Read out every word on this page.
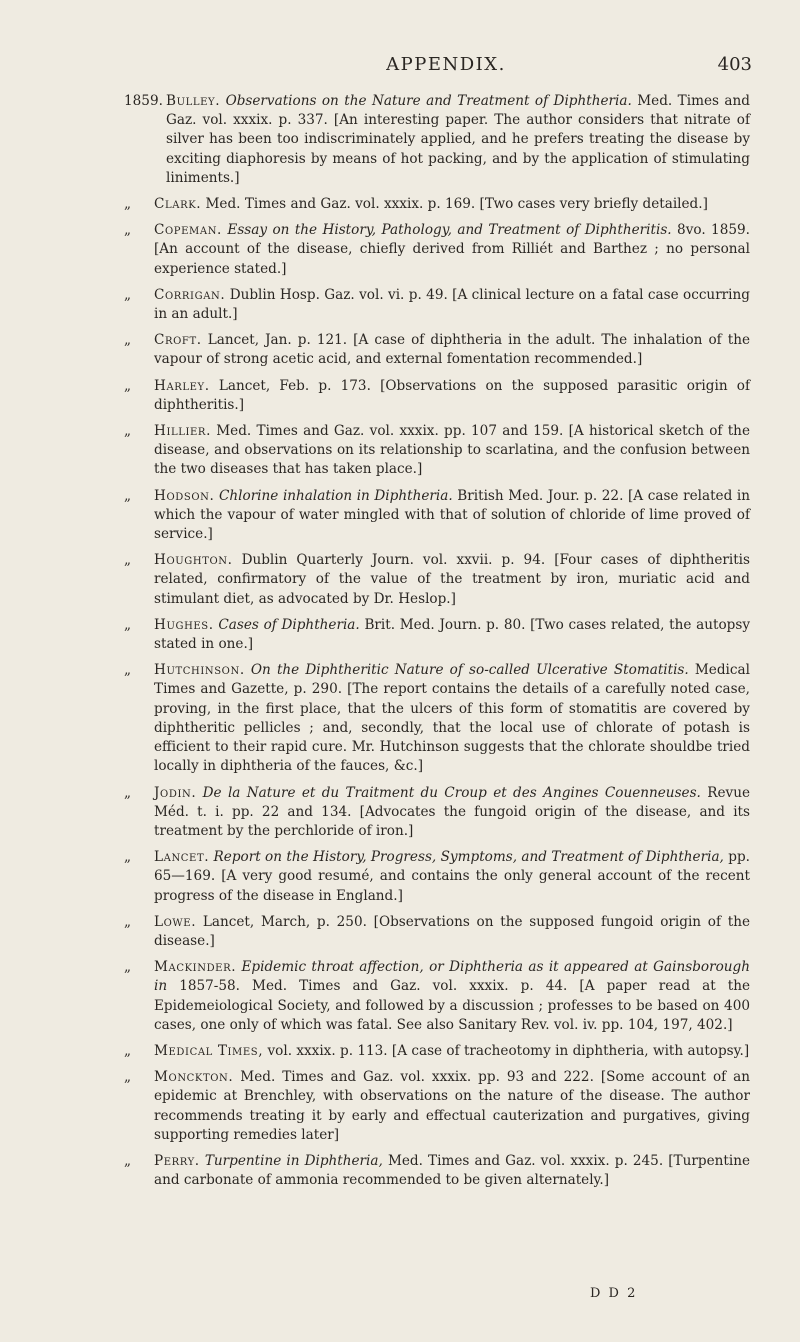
APPENDIX.	403
1859. Bulley. Observations on the Nature and Treatment of Diphtheria. Med. Times and Gaz. vol. xxxix. p. 337. [An interesting paper. The author considers that nitrate of silver has been too indiscriminately applied, and he prefers treating the disease by exciting diaphoresis by means of hot packing, and by the application of stimulating liniments.]
„	Clark. Med. Times and Gaz. vol. xxxix. p. 169. [Two cases very briefly detailed.]
„	Copeman. Essay on the History, Pathology, and Treatment of Diphtheritis. 8vo. 1859. [An account of the disease, chiefly derived from Rilliét and Barthez ; no personal experience stated.]
„	Corrigan. Dublin Hosp. Gaz. vol. vi. p. 49. [A clinical lecture on a fatal case occurring in an adult.]
„	Croft. Lancet, Jan. p. 121. [A case of diphtheria in the adult. The inhalation of the vapour of strong acetic acid, and external fomentation recommended.]
„	Harley. Lancet, Feb. p. 173. [Observations on the supposed parasitic origin of diphtheritis.]
„	Hillier. Med. Times and Gaz. vol. xxxix. pp. 107 and 159. [A historical sketch of the disease, and observations on its relationship to scarlatina, and the confusion between the two diseases that has taken place.]
„	Hodson. Chlorine inhalation in Diphtheria. British Med. Jour. p. 22. [A case related in which the vapour of water mingled with that of solution of chloride of lime proved of service.]
„	Houghton. Dublin Quarterly Journ. vol. xxvii. p. 94. [Four cases of diphtheritis related, confirmatory of the value of the treatment by iron, muriatic acid and stimulant diet, as advocated by Dr. Heslop.]
„	Hughes. Cases of Diphtheria. Brit. Med. Journ. p. 80. [Two cases related, the autopsy stated in one.]
„	Hutchinson. On the Diphtheritic Nature of so-called Ulcerative Stomatitis. Medical Times and Gazette, p. 290. [The report contains the details of a carefully noted case, proving, in the first place, that the ulcers of this form of stomatitis are covered by diphtheritic pellicles ; and, secondly, that the local use of chlorate of potash is efficient to their rapid cure. Mr. Hutchinson suggests that the chlorate shouldbe tried locally in diphtheria of the fauces, &c.]
„	Jodin. De la Nature et du Traitment du Croup et des Angines Couenneuses. Revue Méd. t. i. pp. 22 and 134. [Advocates the fungoid origin of the disease, and its treatment by the perchloride of iron.]
„	Lancet. Report on the History, Progress, Symptoms, and Treatment of Diphtheria, pp. 65—169. [A very good resumé, and contains the only general account of the recent progress of the disease in England.]
„	Lowe. Lancet, March, p. 250. [Observations on the supposed fungoid origin of the disease.]
„	Mackinder. Epidemic throat affection, or Diphtheria as it appeared at Gainsborough in 1857-58. Med. Times and Gaz. vol. xxxix. p. 44. [A paper read at the Epidemeiological Society, and followed by a discussion ; professes to be based on 400 cases, one only of which was fatal. See also Sanitary Rev. vol. iv. pp. 104, 197, 402.]
„	Medical Times, vol. xxxix. p. 113. [A case of tracheotomy in diphtheria, with autopsy.]
„	Monckton. Med. Times and Gaz. vol. xxxix. pp. 93 and 222. [Some account of an epidemic at Brenchley, with observations on the nature of the disease. The author recommends treating it by early and effectual cauterization and purgatives, giving supporting remedies later]
„	Perry. Turpentine in Diphtheria, Med. Times and Gaz. vol. xxxix. p. 245. [Turpentine and carbonate of ammonia recommended to be given alternately.]
D D 2
